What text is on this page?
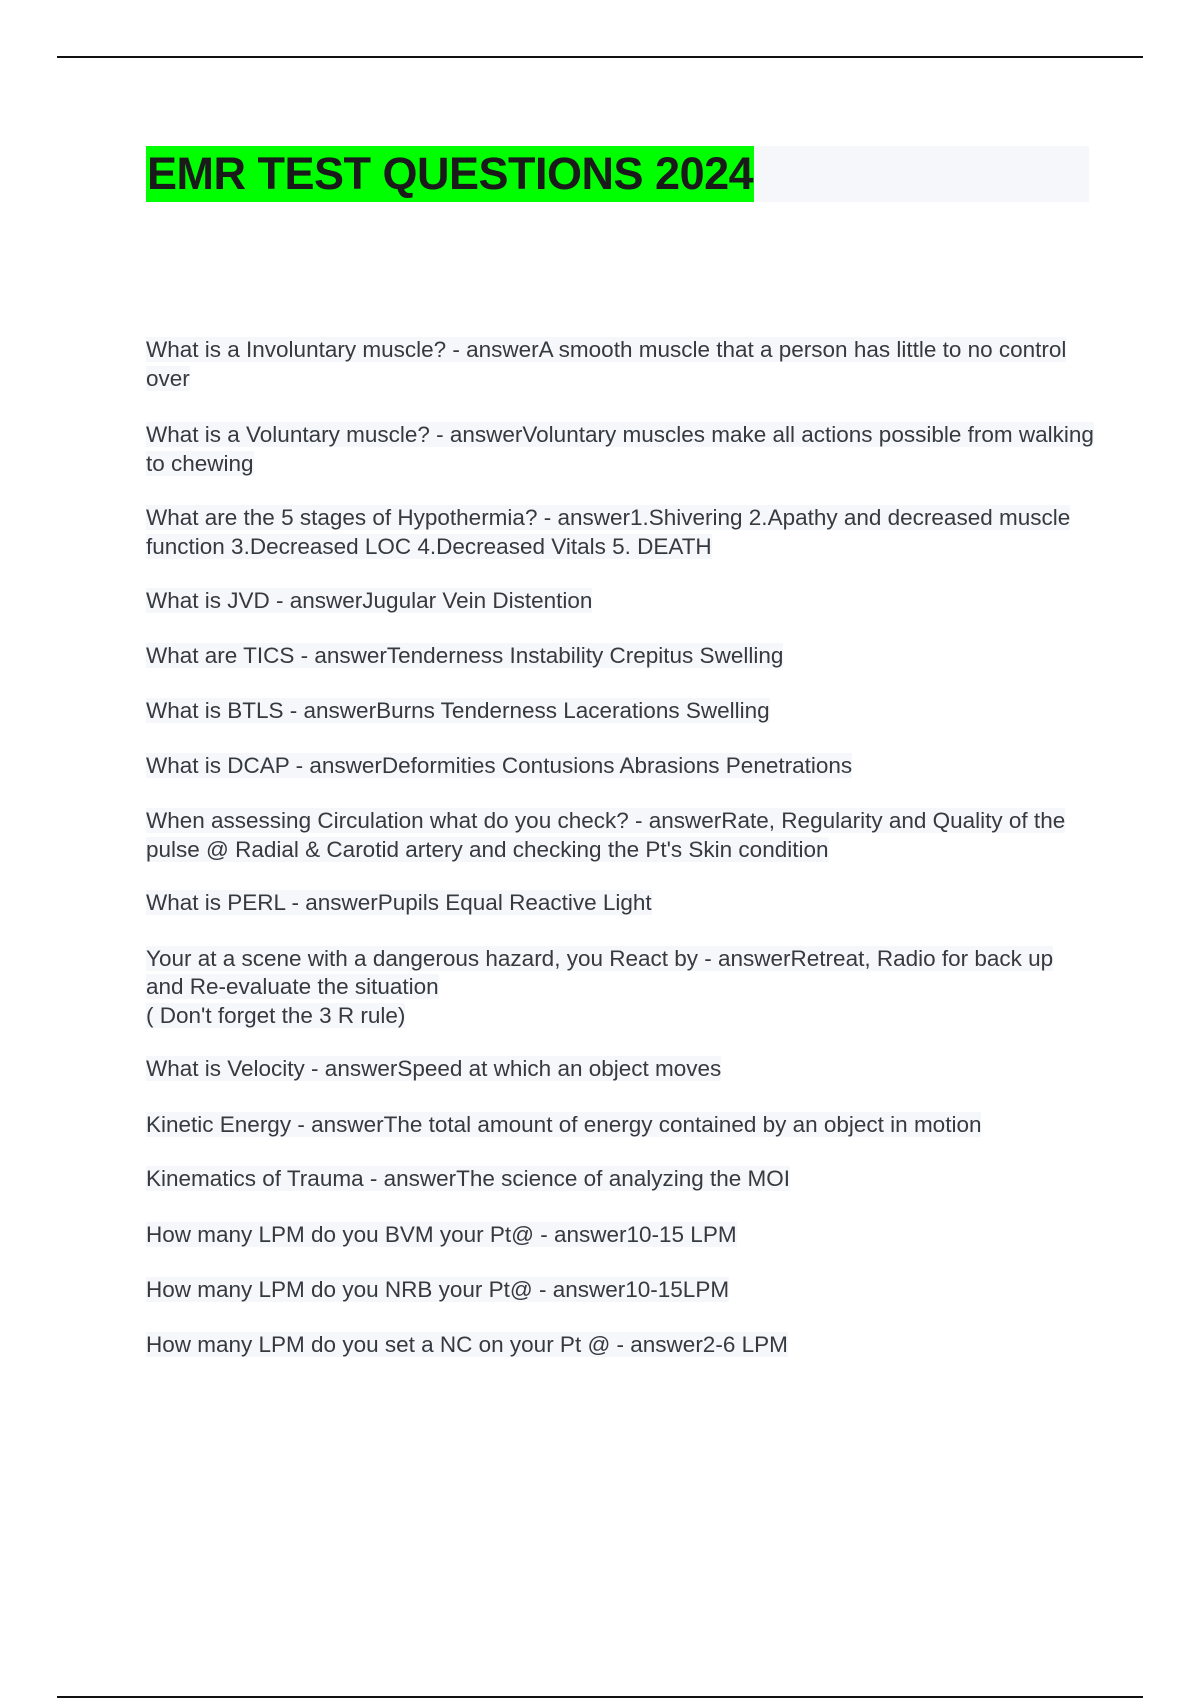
EMR TEST QUESTIONS 2024
What is a Involuntary muscle? - answerA smooth muscle that a person has little to no control over
What is a Voluntary muscle? - answerVoluntary muscles make all actions possible from walking to chewing
What are the 5 stages of Hypothermia? - answer1.Shivering 2.Apathy and decreased muscle function 3.Decreased LOC 4.Decreased Vitals 5. DEATH
What is JVD - answerJugular Vein Distention
What are TICS - answerTenderness Instability Crepitus Swelling
What is BTLS - answerBurns Tenderness Lacerations Swelling
What is DCAP - answerDeformities Contusions Abrasions Penetrations
When assessing Circulation what do you check? - answerRate, Regularity and Quality of the pulse @ Radial & Carotid artery and checking the Pt's Skin condition
What is PERL - answerPupils Equal Reactive Light
Your at a scene with a dangerous hazard, you React by - answerRetreat, Radio for back up and Re-evaluate the situation
( Don't forget the 3 R rule)
What is Velocity - answerSpeed at which an object moves
Kinetic Energy - answerThe total amount of energy contained by an object in motion
Kinematics of Trauma - answerThe science of analyzing the MOI
How many LPM do you BVM your Pt@ - answer10-15 LPM
How many LPM do you NRB your Pt@ - answer10-15LPM
How many LPM do you set a NC on your Pt @ - answer2-6 LPM
